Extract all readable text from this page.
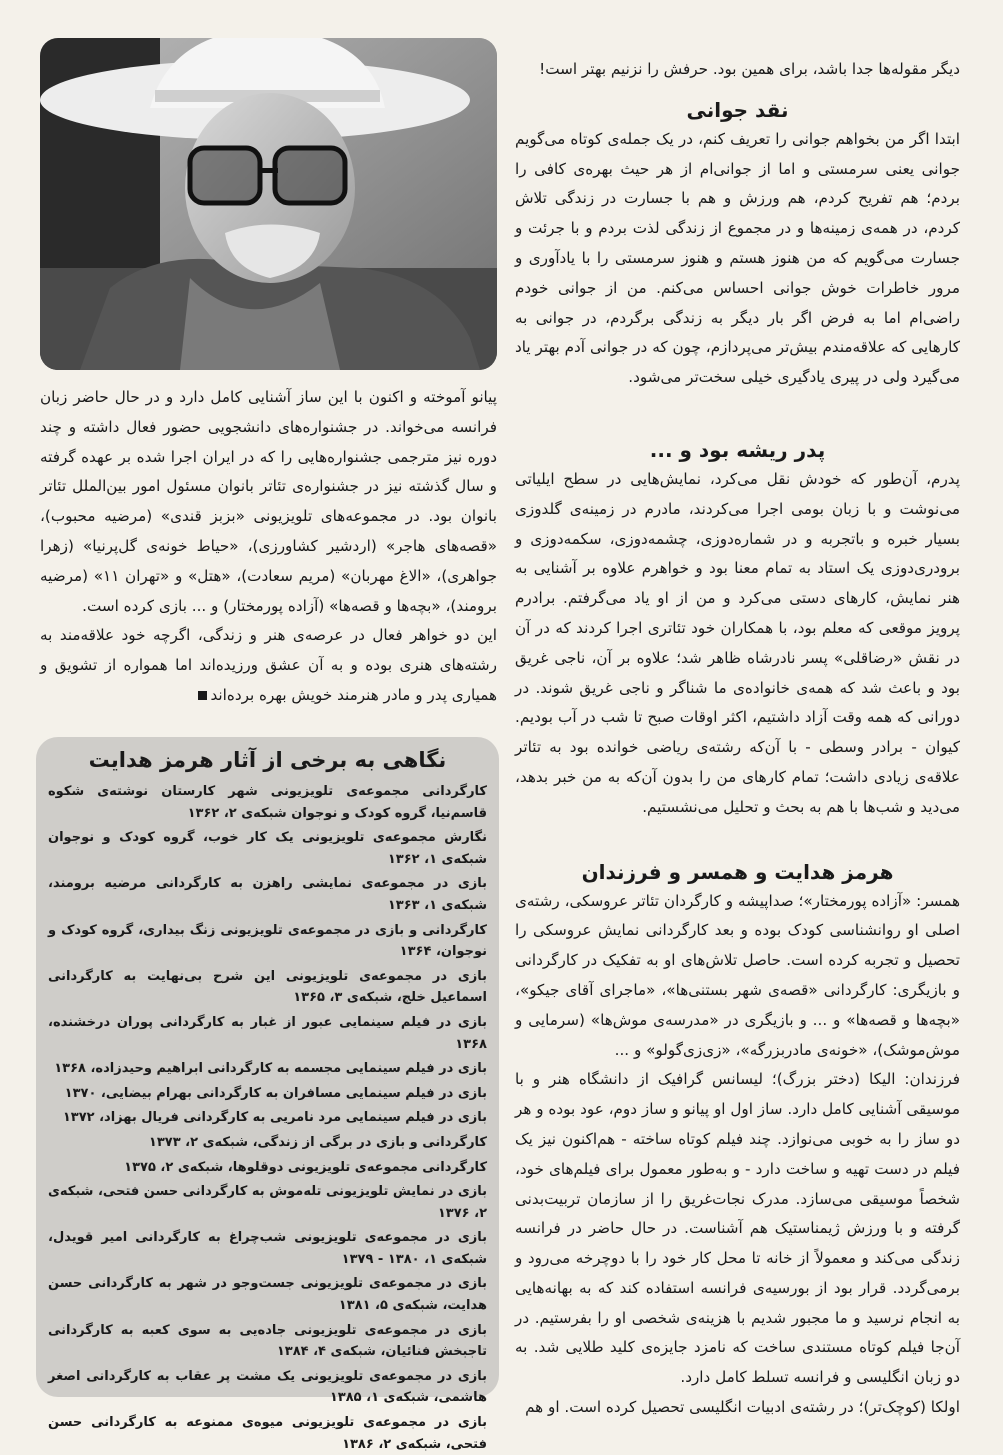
دیگر مقوله‌ها جدا باشد، برای همین بود. حرفش را نزنیم بهتر است!

نقد جوانی

ابتدا اگر من بخواهم جوانی را تعریف کنم، در یک جمله‌ی کوتاه می‌گویم جوانی یعنی سرمستی و اما از جوانی‌ام از هر حیث بهره‌ی کافی را بردم؛ هم تفریح کردم، هم ورزش و هم با جسارت در زندگی تلاش کردم، در همه‌ی زمینه‌ها و در مجموع از زندگی لذت بردم و با جرئت و جسارت می‌گویم که من هنوز هستم و هنوز سرمستی را با یادآوری و مرور خاطرات خوش جوانی احساس می‌کنم. من از جوانی خودم راضی‌ام اما به فرض اگر بار دیگر به زندگی برگردم، در جوانی به کارهایی که علاقه‌مندم بیش‌تر می‌پردازم، چون که در جوانی آدم بهتر یاد می‌گیرد ولی در پیری یادگیری خیلی سخت‌تر می‌شود.

پدر ریشه بود و ...

پدرم، آن‌طور که خودش نقل می‌کرد، نمایش‌هایی در سطح ایلیاتی می‌نوشت و با زبان بومی اجرا می‌کردند، مادرم در زمینه‌ی گلدوزی بسیار خبره و باتجربه و در شماره‌دوزی، چشمه‌دوزی، سکمه‌دوزی و برودری‌دوزی یک استاد به تمام معنا بود و خواهرم علاوه بر آشنایی به هنر نمایش، کارهای دستی می‌کرد و من از او یاد می‌گرفتم. برادرم پرویز موقعی که معلم بود، با همکاران خود تئاتری اجرا کردند که در آن در نقش «رضاقلی» پسر نادرشاه ظاهر شد؛ علاوه بر آن، ناجی غریق بود و باعث شد که همه‌ی خانواده‌ی ما شناگر و ناجی غریق شوند. در دورانی که همه وقت آزاد داشتیم، اکثر اوقات صبح تا شب در آب بودیم. کیوان - برادر وسطی - با آن‌که رشته‌ی ریاضی خوانده بود به تئاتر علاقه‌ی زیادی داشت؛ تمام کارهای من را بدون آن‌که به من خبر بدهد، می‌دید و شب‌ها با هم به بحث و تحلیل می‌نشستیم.

هرمز هدایت و همسر و فرزندان

همسر: «آزاده پورمختار»؛ صداپیشه و کارگردان تئاتر عروسکی، رشته‌ی اصلی او روانشناسی کودک بوده و بعد کارگردانی نمایش عروسکی را تحصیل و تجربه کرده است. حاصل تلاش‌های او به تفکیک در کارگردانی و بازیگری: کارگردانی «قصه‌ی شهر بستنی‌ها»، «ماجرای آقای جیکو»، «بچه‌ها و قصه‌ها» و ... و بازیگری در «مدرسه‌ی موش‌ها» (سرمایی و موش‌موشک)، «خونه‌ی مادربزرگه»، «زی‌زی‌گولو» و ...

فرزندان: الیکا (دختر بزرگ)؛ لیسانس گرافیک از دانشگاه هنر و با موسیقی آشنایی کامل دارد. ساز اول او پیانو و ساز دوم، عود بوده و هر دو ساز را به خوبی می‌نوازد. چند فیلم کوتاه ساخته - هم‌اکنون نیز یک فیلم در دست تهیه و ساخت دارد - و به‌طور معمول برای فیلم‌های خود، شخصاً موسیقی می‌سازد. مدرک نجات‌غریق را از سازمان تربیت‌بدنی گرفته و با ورزش ژیمناستیک هم آشناست. در حال حاضر در فرانسه زندگی می‌کند و معمولاً از خانه تا محل کار خود را با دوچرخه می‌رود و برمی‌گردد. قرار بود از بورسیه‌ی فرانسه استفاده کند که به بهانه‌هایی به انجام نرسید و ما مجبور شدیم با هزینه‌ی شخصی او را بفرستیم. در آن‌جا فیلم کوتاه مستندی ساخت که نامزد جایزه‌ی کلید طلایی شد. به دو زبان انگلیسی و فرانسه تسلط کامل دارد.

اولکا (کوچک‌تر)؛ در رشته‌ی ادبیات انگلیسی تحصیل کرده است. او هم

پیانو آموخته و اکنون با این ساز آشنایی کامل دارد و در حال حاضر زبان فرانسه می‌خواند. در جشنواره‌های دانشجویی حضور فعال داشته و چند دوره نیز مترجمی جشنواره‌هایی را که در ایران اجرا شده بر عهده گرفته و سال گذشته نیز در جشنواره‌ی تئاتر بانوان مسئول امور بین‌الملل تئاتر بانوان بود. در مجموعه‌های تلویزیونی «بزبز قندی» (مرضیه محبوب)، «قصه‌های هاجر» (اردشیر کشاورزی)، «حیاط خونه‌ی گل‌پرنیا» (زهرا جواهری)، «الاغ مهربان» (مریم سعادت)، «هتل» و «تهران ۱۱» (مرضیه برومند)، «بچه‌ها و قصه‌ها» (آزاده پورمختار) و ... بازی کرده است.

این دو خواهر فعال در عرصه‌ی هنر و زندگی، اگرچه خود علاقه‌مند به رشته‌های هنری بوده و به آن عشق ورزیده‌اند اما همواره از تشویق و همیاری پدر و مادر هنرمند خویش بهره برده‌اند

نگاهی به برخی از آثار هرمز هدایت
کارگردانی مجموعه‌ی تلویزیونی شهر کارستان نوشته‌ی شکوه قاسم‌نیا، گروه کودک و نوجوان شبکه‌ی ۲، ۱۳۶۲
نگارش مجموعه‌ی تلویزیونی یک کار خوب، گروه کودک و نوجوان شبکه‌ی ۱، ۱۳۶۲
بازی در مجموعه‌ی نمایشی راهزن به کارگردانی مرضیه برومند، شبکه‌ی ۱، ۱۳۶۳
کارگردانی و بازی در مجموعه‌ی تلویزیونی زنگ بیداری، گروه کودک و نوجوان، ۱۳۶۴
بازی در مجموعه‌ی تلویزیونی این شرح بی‌نهایت به کارگردانی اسماعیل خلج، شبکه‌ی ۳، ۱۳۶۵
بازی در فیلم سینمایی عبور از غبار به کارگردانی پوران درخشنده، ۱۳۶۸
بازی در فیلم سینمایی مجسمه به کارگردانی ابراهیم وحیدزاده، ۱۳۶۸
بازی در فیلم سینمایی مسافران به کارگردانی بهرام بیضایی، ۱۳۷۰
بازی در فیلم سینمایی مرد نامریی به کارگردانی فریال بهزاد، ۱۳۷۲
کارگردانی و بازی در برگی از زندگی، شبکه‌ی ۲، ۱۳۷۳
کارگردانی مجموعه‌ی تلویزیونی دوقلوها، شبکه‌ی ۲، ۱۳۷۵
بازی در نمایش تلویزیونی تله‌موش به کارگردانی حسن فتحی، شبکه‌ی ۲، ۱۳۷۶
بازی در مجموعه‌ی تلویزیونی شب‌چراغ به کارگردانی امیر قویدل، شبکه‌ی ۱، ۱۳۸۰ - ۱۳۷۹
بازی در مجموعه‌ی تلویزیونی جست‌وجو در شهر به کارگردانی حسن هدایت، شبکه‌ی ۵، ۱۳۸۱
بازی در مجموعه‌ی تلویزیونی جاده‌یی به سوی کعبه به کارگردانی تاجبخش فنائیان، شبکه‌ی ۴، ۱۳۸۴
بازی در مجموعه‌ی تلویزیونی یک مشت پر عقاب به کارگردانی اصغر هاشمی، شبکه‌ی ۱، ۱۳۸۵
بازی در مجموعه‌ی تلویزیونی میوه‌ی ممنوعه به کارگردانی حسن فتحی، شبکه‌ی ۲، ۱۳۸۶
